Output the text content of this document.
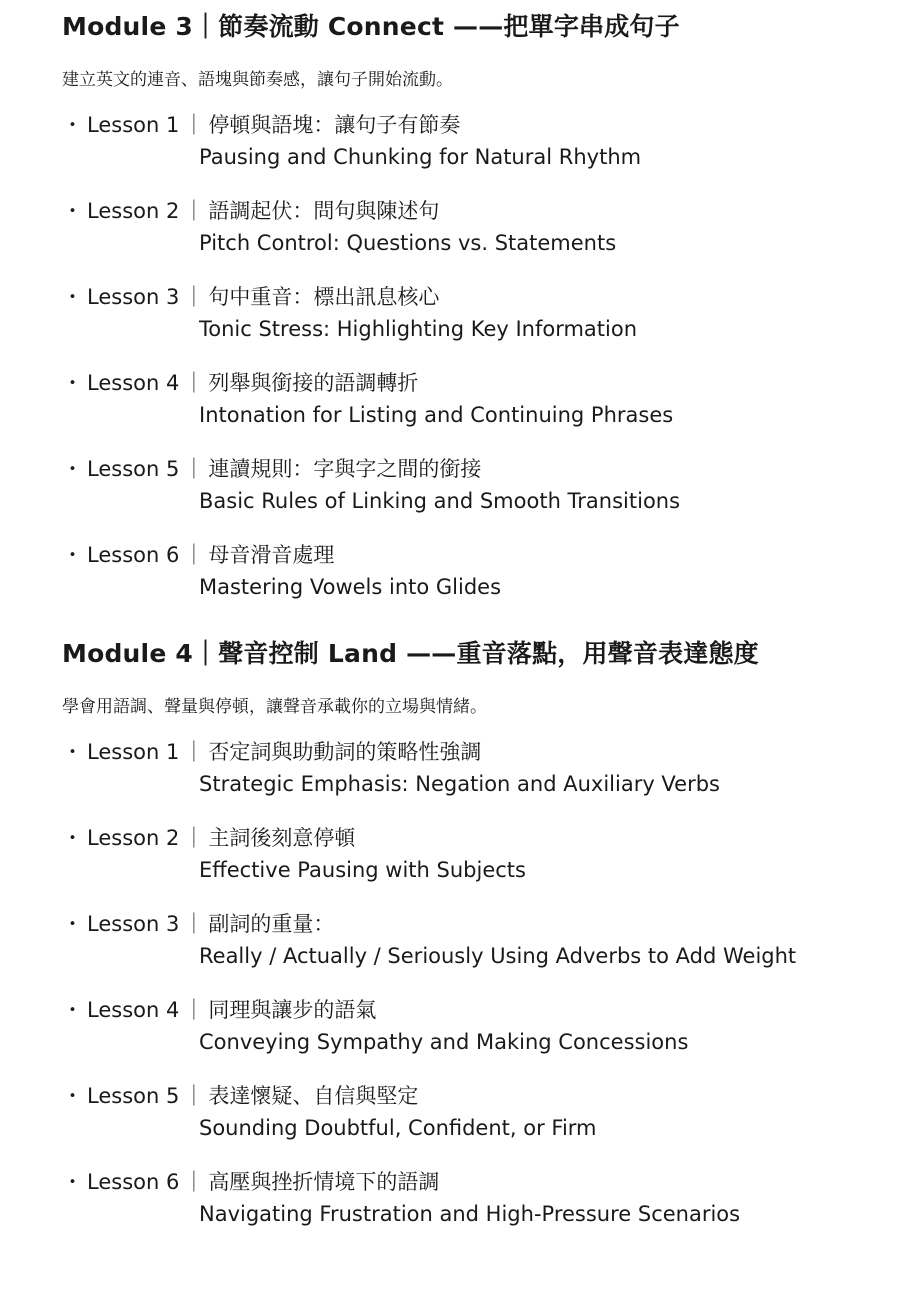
Module 3｜節奏流動 Connect ——把單字串成句子
建立英文的連音、語塊與節奏感，讓句子開始流動。
・ Lesson 1 ｜ 停頓與語塊：讓句子有節奏
Pausing and Chunking for Natural Rhythm
・ Lesson 2 ｜ 語調起伏：問句與陳述句
Pitch Control: Questions vs. Statements
・ Lesson 3 ｜ 句中重音：標出訊息核心
Tonic Stress: Highlighting Key Information
・ Lesson 4 ｜ 列舉與銜接的語調轉折
Intonation for Listing and Continuing Phrases
・ Lesson 5 ｜ 連讀規則：字與字之間的銜接
Basic Rules of Linking and Smooth Transitions
・ Lesson 6 ｜ 母音滑音處理
Mastering Vowels into Glides
Module 4｜聲音控制 Land ——重音落點，用聲音表達態度
學會用語調、聲量與停頓，讓聲音承載你的立場與情緒。
・ Lesson 1 ｜ 否定詞與助動詞的策略性強調
Strategic Emphasis: Negation and Auxiliary Verbs
・ Lesson 2 ｜ 主詞後刻意停頓
Effective Pausing with Subjects
・ Lesson 3 ｜ 副詞的重量：
Really / Actually / Seriously Using Adverbs to Add Weight
・ Lesson 4 ｜ 同理與讓步的語氣
Conveying Sympathy and Making Concessions
・ Lesson 5 ｜ 表達懷疑、自信與堅定
Sounding Doubtful, Confident, or Firm
・ Lesson 6 ｜ 高壓與挫折情境下的語調
Navigating Frustration and High-Pressure Scenarios
